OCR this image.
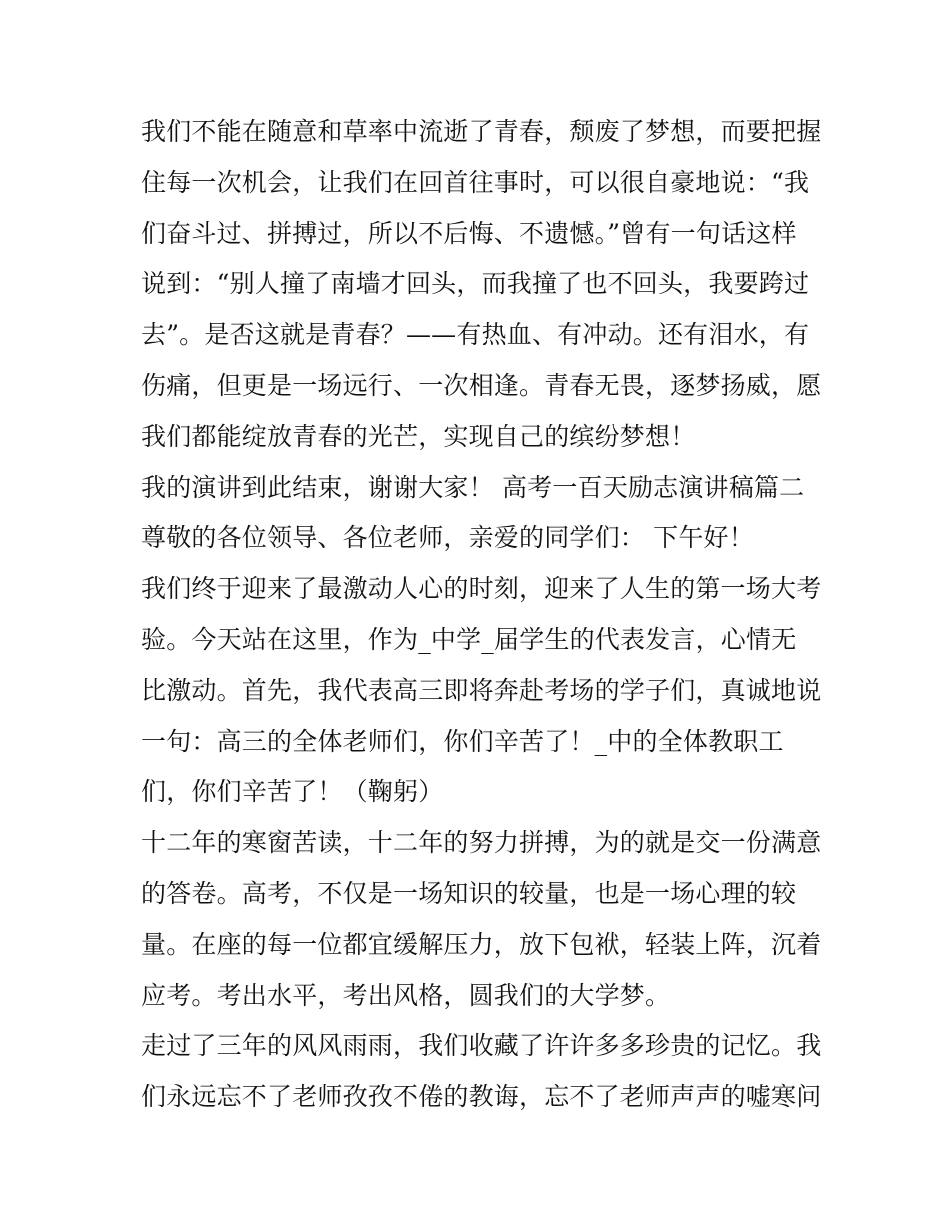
我们不能在随意和草率中流逝了青春，颓废了梦想，而要把握
住每一次机会，让我们在回首往事时，可以很自豪地说：“我
们奋斗过、拼搏过，所以不后悔、不遗憾。”曾有一句话这样
说到：“别人撞了南墙才回头，而我撞了也不回头，我要跨过
去”。是否这就是青春？——有热血、有冲动。还有泪水，有
伤痛，但更是一场远行、一次相逢。青春无畏，逐梦扬威，愿
我们都能绽放青春的光芒，实现自己的缤纷梦想！
我的演讲到此结束，谢谢大家！ 高考一百天励志演讲稿篇二
尊敬的各位领导、各位老师，亲爱的同学们： 下午好！
我们终于迎来了最激动人心的时刻，迎来了人生的第一场大考
验。今天站在这里，作为_中学_届学生的代表发言，心情无
比激动。首先，我代表高三即将奔赴考场的学子们，真诚地说
一句：高三的全体老师们，你们辛苦了！_中的全体教职工
们，你们辛苦了！（鞠躬）
十二年的寒窗苦读，十二年的努力拼搏，为的就是交一份满意
的答卷。高考，不仅是一场知识的较量，也是一场心理的较
量。在座的每一位都宜缓解压力，放下包袱，轻装上阵，沉着
应考。考出水平，考出风格，圆我们的大学梦。
走过了三年的风风雨雨，我们收藏了许许多多珍贵的记忆。我
们永远忘不了老师孜孜不倦的教诲，忘不了老师声声的嘘寒问
